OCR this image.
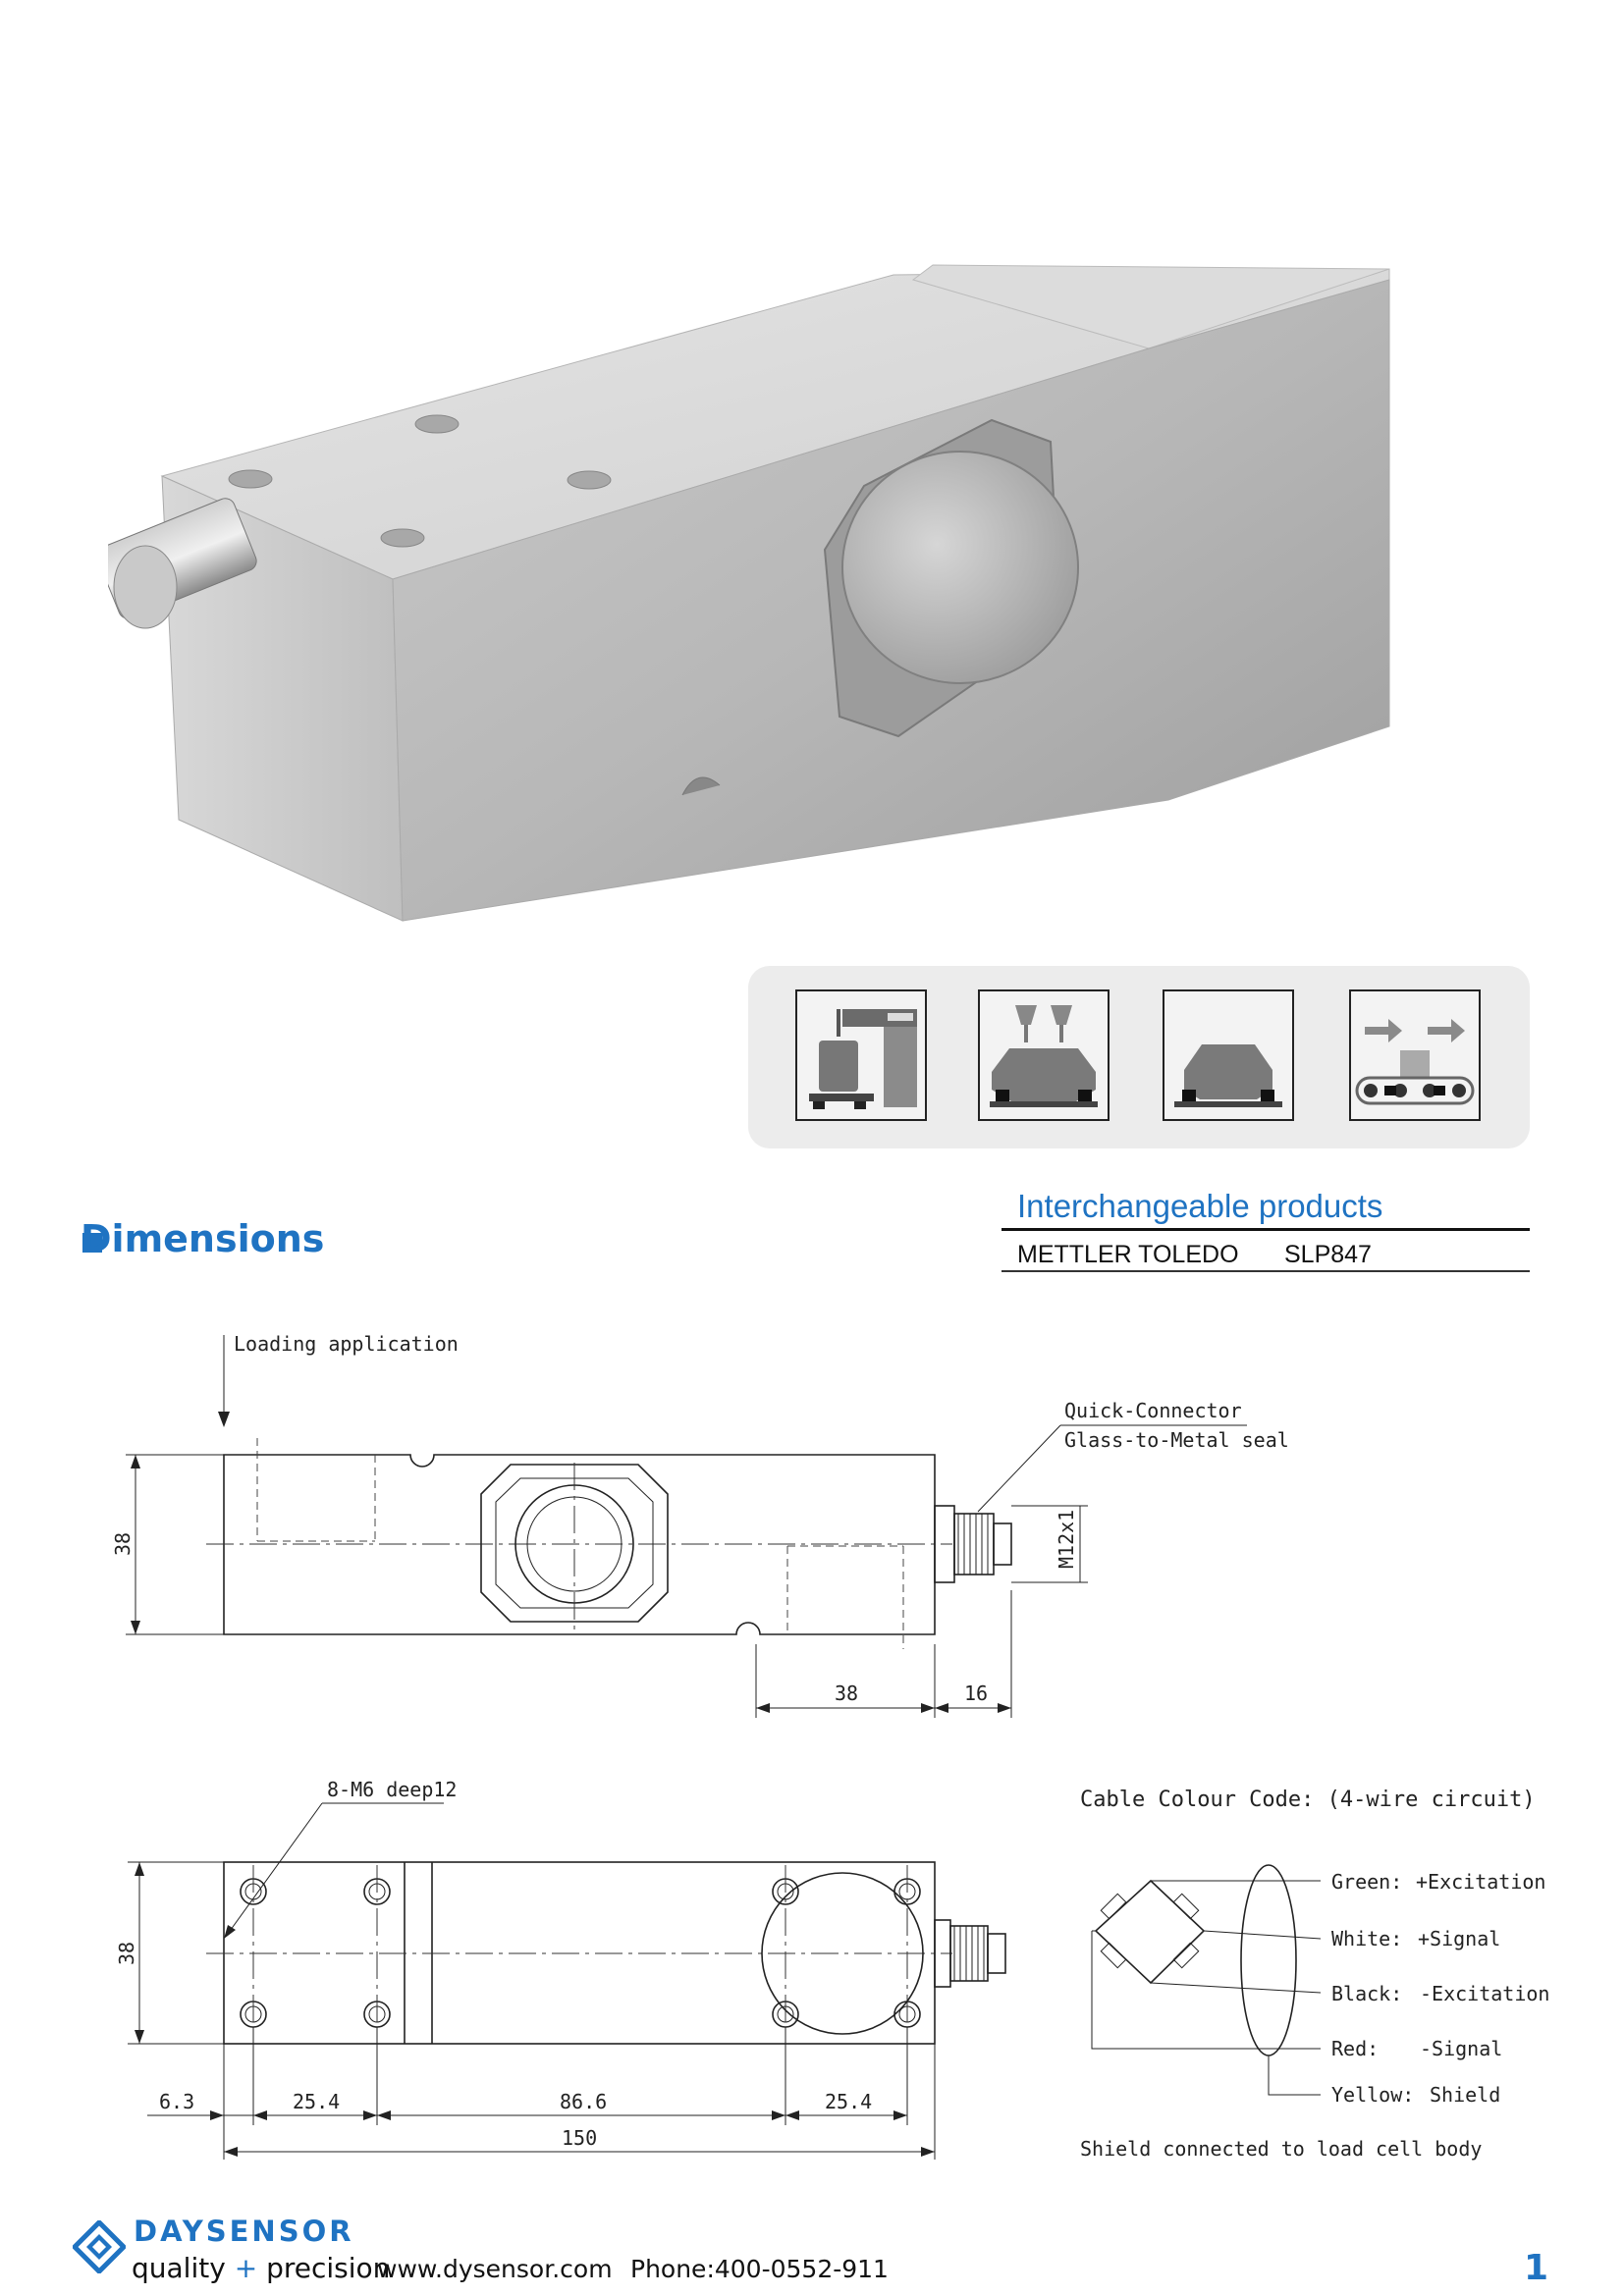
Dimensions
Interchangeable products
METTLER TOLEDO SLP847
Loading application
Quick-Connector
Glass-to-Metal seal
M12x1
38
38	16
8-M6 deep12
38
6.3	25.4	86.6	25.4
150
Cable Colour Code: (4-wire circuit)
Green: +Excitation
White: +Signal
Black: -Excitation
Red: -Signal
Yellow: Shield
Shield connected to load cell body
DAYSENSOR
quality + precision
www.dysensor.com Phone:400-0552-911	1
